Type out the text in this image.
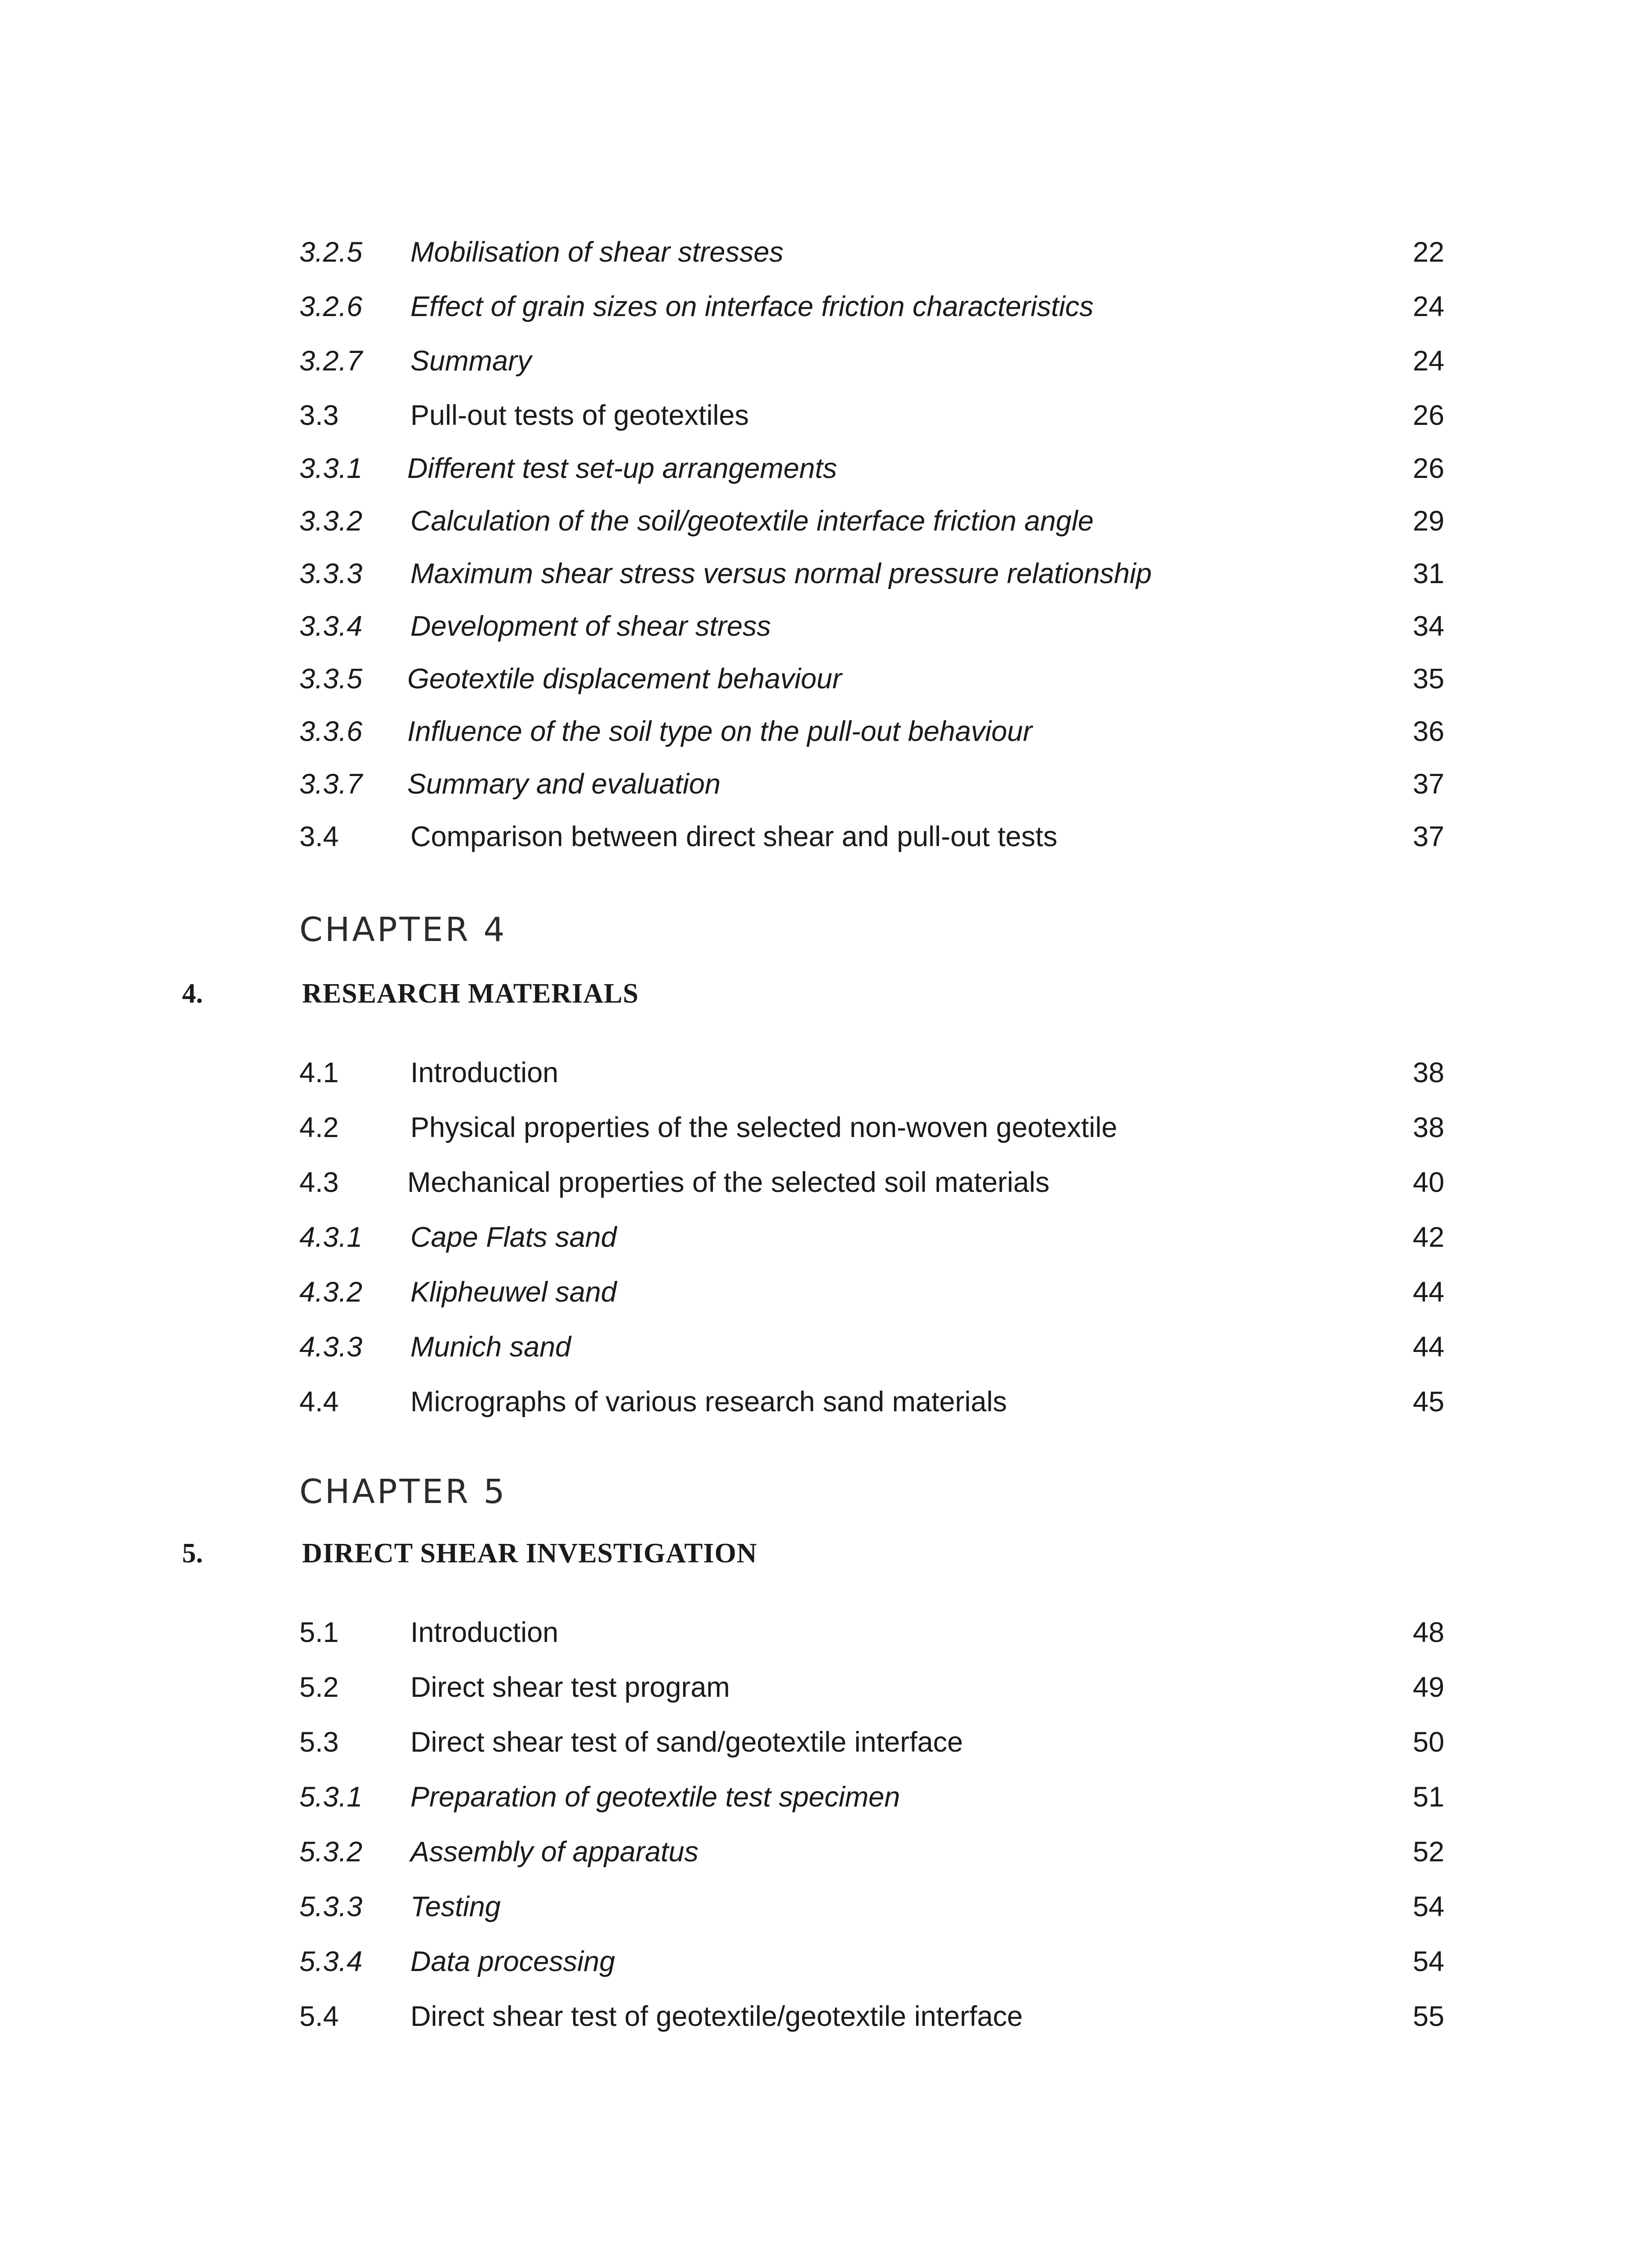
3.2.5 Mobilisation of shear stresses	22
3.2.6 Effect of grain sizes on interface friction characteristics	24
3.2.7 Summary	24
3.3	Pull-out tests of geotextiles	26
3.3.1 Different test set-up arrangements	26
3.3.2 Calculation of the soil/geotextile interface friction angle	29
3.3.3 Maximum shear stress versus normal pressure relationship	31
3.3.4 Development of shear stress	34
3.3.5 Geotextile displacement behaviour	35
3.3.6 Influence of the soil type on the pull-out behaviour	36
3.3.7 Summary and evaluation	37
3.4	Comparison between direct shear and pull-out tests	37
CHAPTER 4
4.	RESEARCH MATERIALS
4.1	Introduction	38
4.2	Physical properties of the selected non-woven geotextile	38
4.3 Mechanical properties of the selected soil materials	40
4.3.1 Cape Flats sand	42
4.3.2 Klipheuwel sand	44
4.3.3 Munich sand	44
4.4	Micrographs of various research sand materials	45
CHAPTER 5
5.	DIRECT SHEAR INVESTIGATION
5.1	Introduction	48
5.2	Direct shear test program	49
5.3	Direct shear test of sand/geotextile interface	50
5.3.1 Preparation of geotextile test specimen	51
5.3.2 Assembly of apparatus	52
5.3.3 Testing	54
5.3.4 Data processing	54
5.4	Direct shear test of geotextile/geotextile interface	55
